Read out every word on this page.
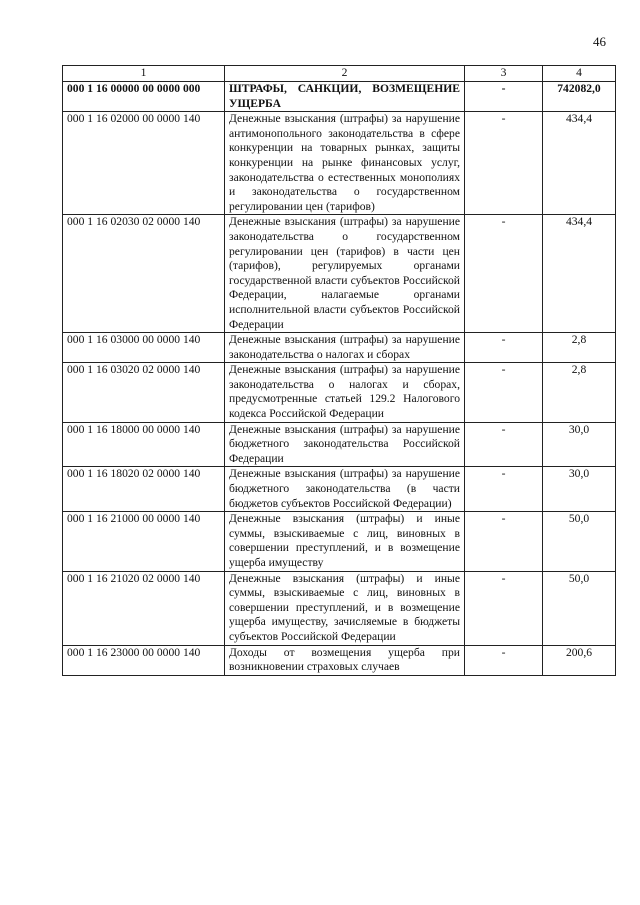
46
1	2	3	4
000 1 16 00000 00 0000 000	ШТРАФЫ, САНКЦИИ, ВОЗМЕЩЕНИЕ УЩЕРБА	-	742082,0
000 1 16 02000 00 0000 140	Денежные взыскания (штрафы) за нарушение антимонопольного законодательства в сфере конкуренции на товарных рынках, защиты конкуренции на рынке финансовых услуг, законодательства о естественных монополиях и законодательства о государственном регулировании цен (тарифов)	-	434,4
000 1 16 02030 02 0000 140	Денежные взыскания (штрафы) за нарушение законодательства о государственном регулировании цен (тарифов) в части цен (тарифов), регулируемых органами государственной власти субъектов Российской Федерации, налагаемые органами исполнительной власти субъектов Российской Федерации	-	434,4
000 1 16 03000 00 0000 140	Денежные взыскания (штрафы) за нарушение законодательства о налогах и сборах	-	2,8
000 1 16 03020 02 0000 140	Денежные взыскания (штрафы) за нарушение законодательства о налогах и сборах, предусмотренные статьей 129.2 Налогового кодекса Российской Федерации	-	2,8
000 1 16 18000 00 0000 140	Денежные взыскания (штрафы) за нарушение бюджетного законодательства Российской Федерации	-	30,0
000 1 16 18020 02 0000 140	Денежные взыскания (штрафы) за нарушение бюджетного законодательства (в части бюджетов субъектов Российской Федерации)	-	30,0
000 1 16 21000 00 0000 140	Денежные взыскания (штрафы) и иные суммы, взыскиваемые с лиц, виновных в совершении преступлений, и в возмещение ущерба имуществу	-	50,0
000 1 16 21020 02 0000 140	Денежные взыскания (штрафы) и иные суммы, взыскиваемые с лиц, виновных в совершении преступлений, и в возмещение ущерба имуществу, зачисляемые в бюджеты субъектов Российской Федерации	-	50,0
000 1 16 23000 00 0000 140	Доходы от возмещения ущерба при возникновении страховых случаев	-	200,6
